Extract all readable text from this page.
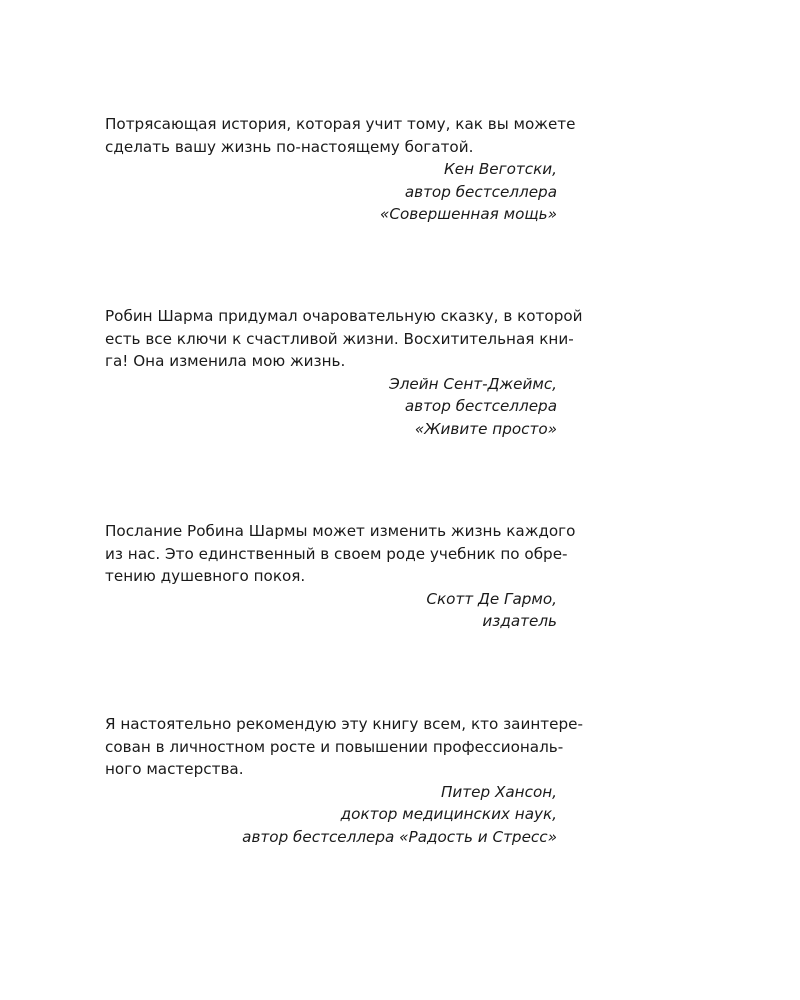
Потрясающая история, которая учит тому, как вы можете
сделать вашу жизнь по-настоящему богатой.

Кен Веготски,
автор бестселлера
«Совершенная мощь»

Робин Шарма придумал очаровательную сказку, в которой
есть все ключи к счастливой жизни. Восхитительная кни-
га! Она изменила мою жизнь.

Элейн Сент-Джеймс,
автор бестселлера
«Живите просто»

Послание Робина Шармы может изменить жизнь каждого
из нас. Это единственный в своем роде учебник по обре-
тению душевного покоя.

Скотт Де Гармо,
издатель

Я настоятельно рекомендую эту книгу всем, кто заинтере-
сован в личностном росте и повышении профессиональ-
ного мастерства.

Питер Хансон,
доктор медицинских наук,
автор бестселлера «Радость и Стресс»
